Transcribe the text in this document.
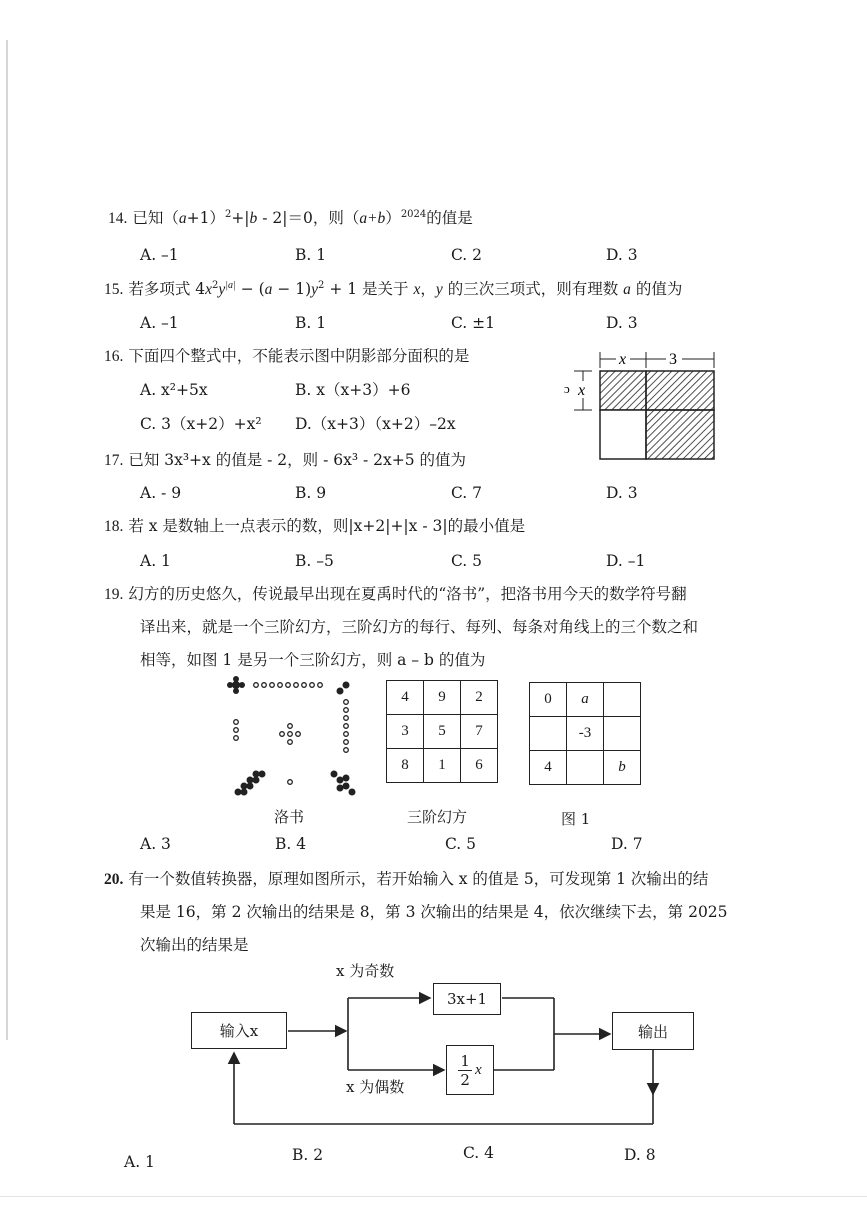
14. 已知$(a+1)^2+|b - 2|=0$，则$(a+b)^{2024}$的值是
A. –1	B. 1	C. 2	D. 3
15. 若多项式 $4x^2y^{|a|} - (a - 1)y^2 + 1$ 是关于 x，y 的三次三项式，则有理数 a 的值为
A. –1	B. 1	C. ±1	D. 3
16. 下面四个整式中，不能表示图中阴影部分面积的是
A. x²+5x	B. x（x+3）+6
C. 3（x+2）+x² D.（x+3）（x+2）–2x
x	3
x
ɔ
17. 已知 3x³+x 的值是 - 2，则 - 6x³ - 2x+5 的值为
A. - 9	B. 9	C. 7	D. 3
18. 若 x 是数轴上一点表示的数，则|x+2|+|x - 3|的最小值是
A. 1	B. –5	C. 5	D. –1
19. 幻方的历史悠久，传说最早出现在夏禹时代的“洛书”，把洛书用今天的数学符号翻
译出来，就是一个三阶幻方，三阶幻方的每行、每列、每条对角线上的三个数之和
相等，如图 1 是另一个三阶幻方，则 a – b 的值为
4	9	2
3	5	7
8	1	6
0	a	
	-3	
4		b
洛书	三阶幻方	图 1
A. 3	B. 4	C. 5	D. 7
20. 有一个数值转换器，原理如图所示，若开始输入 x 的值是 5，可发现第 1 次输出的结
果是 16，第 2 次输出的结果是 8，第 3 次输出的结果是 4，依次继续下去，第 2025
次输出的结果是
输入x
x 为奇数
3x+1
$\frac{1}{2}$ x
x 为偶数
输出
A. 1	B. 2	C. 4	D. 8
